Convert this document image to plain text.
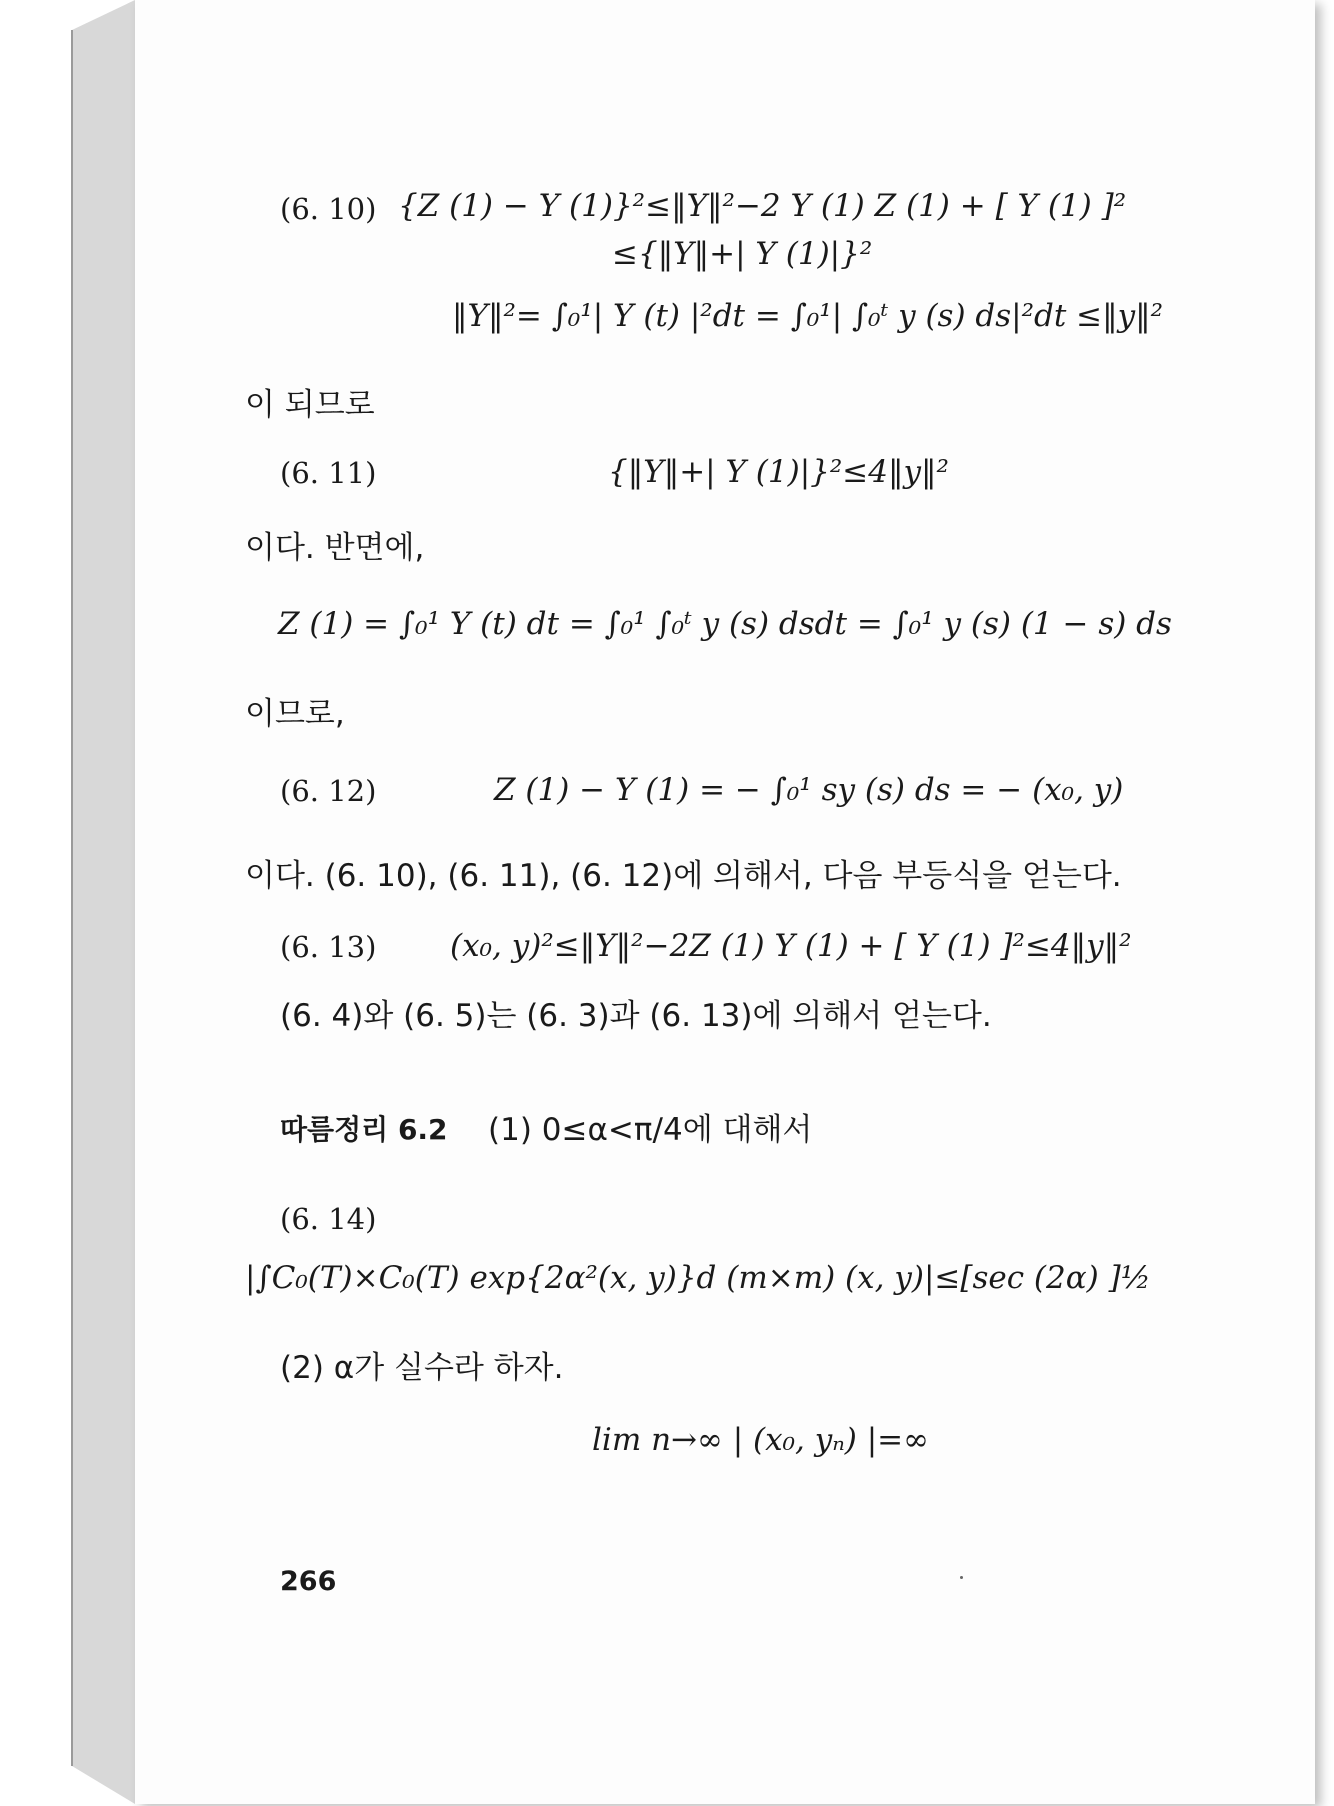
(6. 10) {Z (1) − Y (1)}²≤‖Y‖²−2 Y (1) Z (1) + [ Y (1) ]²
≤{‖Y‖+| Y (1)|}²
‖Y‖²= ∫₀¹| Y (t) |²dt = ∫₀¹| ∫₀ᵗ y (s) ds|²dt ≤‖y‖²
이 되므로
(6. 11)	{‖Y‖+| Y (1)|}²≤4‖y‖²
이다. 반면에,
Z (1) = ∫₀¹ Y (t) dt = ∫₀¹ ∫₀ᵗ y (s) dsdt = ∫₀¹ y (s) (1 − s) ds
이므로,
(6. 12)	Z (1) − Y (1) = − ∫₀¹ sy (s) ds = − (x₀, y)
이다. (6. 10), (6. 11), (6. 12)에 의해서, 다음 부등식을 얻는다.
(6. 13) (x₀, y)²≤‖Y‖²−2Z (1) Y (1) + [ Y (1) ]²≤4‖y‖²
(6. 4)와 (6. 5)는 (6. 3)과 (6. 13)에 의해서 얻는다.
따름정리 6.2 (1) 0≤α<π/4에 대해서
(6. 14)
|∫C₀(T)×C₀(T) exp{2α²(x, y)}d (m×m) (x, y)|≤[sec (2α) ]½
(2) α가 실수라 하자.
lim n→∞ | (x₀, yₙ) |=∞
266
